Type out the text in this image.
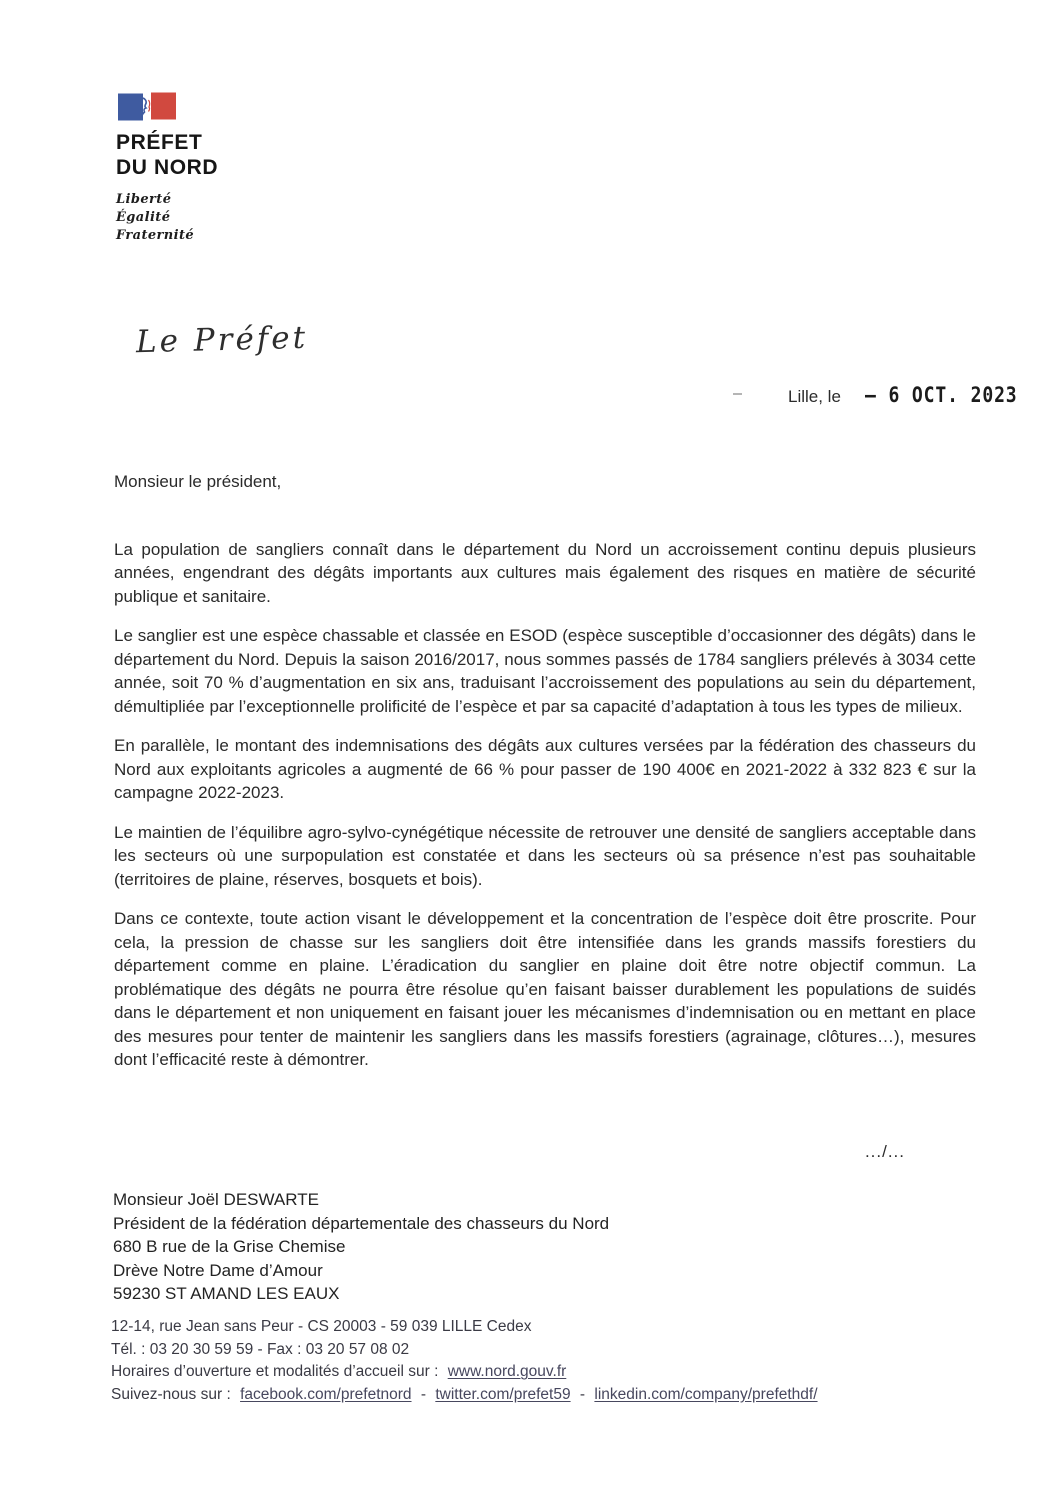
PRÉFET
DU NORD
Liberté
Égalité
Fraternité
Le Préfet
Lille, le – 6 OCT. 2023
Monsieur le président,

La population de sangliers connaît dans le département du Nord un accroissement continu depuis plusieurs années, engendrant des dégâts importants aux cultures mais également des risques en matière de sécurité publique et sanitaire.

Le sanglier est une espèce chassable et classée en ESOD (espèce susceptible d’occasionner des dégâts) dans le département du Nord. Depuis la saison 2016/2017, nous sommes passés de 1784 sangliers prélevés à 3034 cette année, soit 70 % d’augmentation en six ans, traduisant l’accroissement des populations au sein du département, démultipliée par l’exceptionnelle prolificité de l’espèce et par sa capacité d’adaptation à tous les types de milieux.

En parallèle, le montant des indemnisations des dégâts aux cultures versées par la fédération des chasseurs du Nord aux exploitants agricoles a augmenté de 66 % pour passer de 190 400€ en 2021-2022 à 332 823 € sur la campagne 2022-2023.

Le maintien de l’équilibre agro-sylvo-cynégétique nécessite de retrouver une densité de sangliers acceptable dans les secteurs où une surpopulation est constatée et dans les secteurs où sa présence n’est pas souhaitable (territoires de plaine, réserves, bosquets et bois).

Dans ce contexte, toute action visant le développement et la concentration de l’espèce doit être proscrite. Pour cela, la pression de chasse sur les sangliers doit être intensifiée dans les grands massifs forestiers du département comme en plaine. L’éradication du sanglier en plaine doit être notre objectif commun. La problématique des dégâts ne pourra être résolue qu’en faisant baisser durablement les populations de suidés dans le département et non uniquement en faisant jouer les mécanismes d’indemnisation ou en mettant en place des mesures pour tenter de maintenir les sangliers dans les massifs forestiers (agrainage, clôtures…), mesures dont l’efficacité reste à démontrer.

.../...
Monsieur Joël DESWARTE
Président de la fédération départementale des chasseurs du Nord
680 B rue de la Grise Chemise
Drève Notre Dame d’Amour
59230 ST AMAND LES EAUX
12-14, rue Jean sans Peur - CS 20003 - 59 039 LILLE Cedex
Tél. : 03 20 30 59 59 - Fax : 03 20 57 08 02
Horaires d’ouverture et modalités d’accueil sur : www.nord.gouv.fr
Suivez-nous sur : facebook.com/prefetnord - twitter.com/prefet59 - linkedin.com/company/prefethdf/
